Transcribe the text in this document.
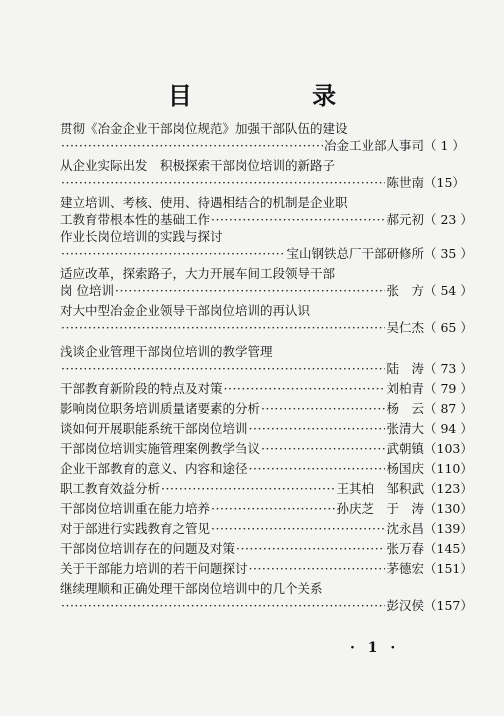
目 录
贯彻《冶金企业干部岗位规范》加强干部队伍的建设
·····
冶金工业部人事司 （ 1 ）
从企业实际出发　积极探索干部岗位培训的新路子
·····
陈世南 （15）
建立培训、考核、使用、待遇相结合的机制是企业职
工教育带根本性的基础工作 ·····	郝元初 （ 23 ）
作业长岗位培训的实践与探讨
·····
宝山钢铁总厂干部研修所 （ 35 ）
适应改革，探索路子，大力开展车间工段领导干部
岗 位培训 ·····	张　方 （ 54 ）
对大中型冶金企业领导干部岗位培训的再认识
·····
吴仁杰 （ 65 ）
浅谈企业管理干部岗位培训的教学管理
·····
陆　涛 （ 73 ）
干部教育新阶段的特点及对策 ·····	刘柏青 （ 79 ）
影响岗位职务培训质量诸要素的分析 ·····	杨　云 （ 87 ）
谈如何开展职能系统干部岗位培训 ·····	张清大 （ 94 ）
干部岗位培训实施管理案例教学刍议 ·····	武朝镇 （103）
企业干部教育的意义、内容和途径 ·····	杨国庆 （110）
职工教育效益分析 ·····	王其柏　邹积武 （123）
干部岗位培训重在能力培养 ·····	孙庆芝　于　涛 （130）
对于部进行实践教育之管见 ·····	沈永昌 （139）
干部岗位培训存在的问题及对策 ·····	张万春 （145）
关于干部能力培训的若干问题探讨 ·····	茅德宏 （151）
继续理顺和正确处理干部岗位培训中的几个关系
·····
彭汉侯 （157）
· 1 ·
